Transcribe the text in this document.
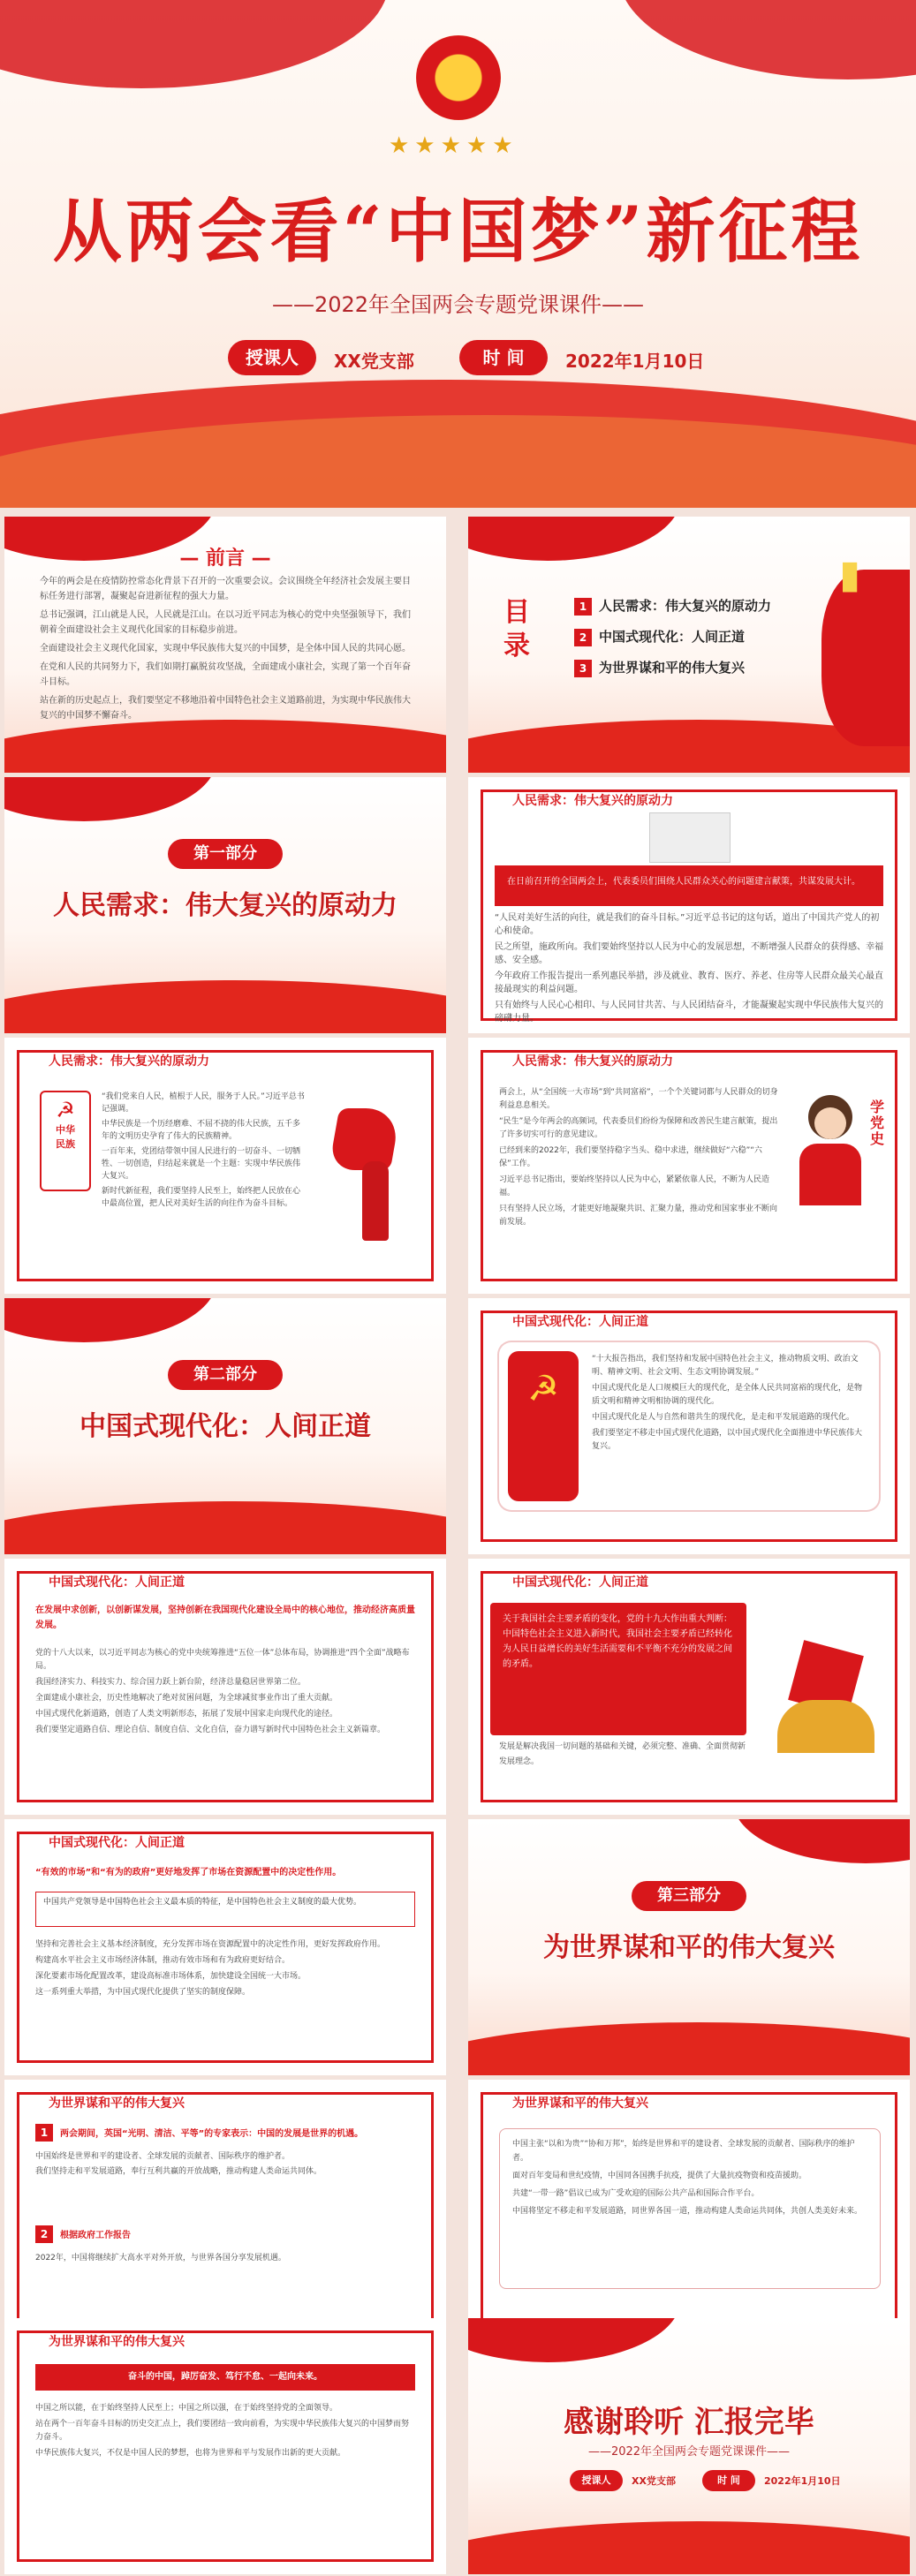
★★★★★
从两会看“中国梦”新征程
——2022年全国两会专题党课课件——
授课人	XX党支部	时 间	2022年1月10日
— 前言 —

今年的两会是在疫情防控常态化背景下召开的一次重要会议。会议围绕全年经济社会发展主要目标任务进行部署，凝聚起奋进新征程的强大力量。

总书记强调，江山就是人民，人民就是江山。在以习近平同志为核心的党中央坚强领导下，我们朝着全面建设社会主义现代化国家的目标稳步前进。

全面建设社会主义现代化国家，实现中华民族伟大复兴的中国梦，是全体中国人民的共同心愿。

在党和人民的共同努力下，我们如期打赢脱贫攻坚战，全面建成小康社会，实现了第一个百年奋斗目标。

站在新的历史起点上，我们要坚定不移地沿着中国特色社会主义道路前进，为实现中华民族伟大复兴的中国梦不懈奋斗。

▮
目录
1 人民需求：伟大复兴的原动力
2 中国式现代化：人间正道
3 为世界谋和平的伟大复兴
第一部分
人民需求：伟大复兴的原动力
人民需求：伟大复兴的原动力
在日前召开的全国两会上，代表委员们围绕人民群众关心的问题建言献策，共谋发展大计。

“人民对美好生活的向往，就是我们的奋斗目标。”习近平总书记的这句话，道出了中国共产党人的初心和使命。

民之所望，施政所向。我们要始终坚持以人民为中心的发展思想，不断增强人民群众的获得感、幸福感、安全感。

今年政府工作报告提出一系列惠民举措，涉及就业、教育、医疗、养老、住房等人民群众最关心最直接最现实的利益问题。

只有始终与人民心心相印、与人民同甘共苦、与人民团结奋斗，才能凝聚起实现中华民族伟大复兴的磅礴力量。

人民需求：伟大复兴的原动力
☭
中华
民族

“我们党来自人民，植根于人民，服务于人民。”习近平总书记强调。

中华民族是一个历经磨难、不屈不挠的伟大民族，五千多年的文明历史孕育了伟大的民族精神。

一百年来，党团结带领中国人民进行的一切奋斗、一切牺牲、一切创造，归结起来就是一个主题：实现中华民族伟大复兴。

新时代新征程，我们要坚持人民至上，始终把人民放在心中最高位置，把人民对美好生活的向往作为奋斗目标。

人民需求：伟大复兴的原动力

两会上，从“全国统一大市场”到“共同富裕”，一个个关键词都与人民群众的切身利益息息相关。

“民生”是今年两会的高频词，代表委员们纷纷为保障和改善民生建言献策，提出了许多切实可行的意见建议。

已经到来的2022年，我们要坚持稳字当头、稳中求进，继续做好“六稳”“六保”工作。

习近平总书记指出，要始终坚持以人民为中心，紧紧依靠人民，不断为人民造福。

只有坚持人民立场，才能更好地凝聚共识、汇聚力量，推动党和国家事业不断向前发展。

学党史
第二部分
中国式现代化：人间正道
中国式现代化：人间正道
☭

“十大报告指出，我们坚持和发展中国特色社会主义，推动物质文明、政治文明、精神文明、社会文明、生态文明协调发展。”

中国式现代化是人口规模巨大的现代化，是全体人民共同富裕的现代化，是物质文明和精神文明相协调的现代化。

中国式现代化是人与自然和谐共生的现代化，是走和平发展道路的现代化。

我们要坚定不移走中国式现代化道路，以中国式现代化全面推进中华民族伟大复兴。

中国式现代化：人间正道
在发展中求创新，以创新谋发展，坚持创新在我国现代化建设全局中的核心地位，推动经济高质量发展。

党的十八大以来，以习近平同志为核心的党中央统筹推进“五位一体”总体布局，协调推进“四个全面”战略布局。

我国经济实力、科技实力、综合国力跃上新台阶，经济总量稳居世界第二位。

全面建成小康社会，历史性地解决了绝对贫困问题，为全球减贫事业作出了重大贡献。

中国式现代化新道路，创造了人类文明新形态，拓展了发展中国家走向现代化的途径。

我们要坚定道路自信、理论自信、制度自信、文化自信，奋力谱写新时代中国特色社会主义新篇章。

中国式现代化：人间正道
关于我国社会主要矛盾的变化，党的十九大作出重大判断：中国特色社会主义进入新时代，我国社会主要矛盾已经转化为人民日益增长的美好生活需要和不平衡不充分的发展之间的矛盾。
发展是解决我国一切问题的基础和关键，必须完整、准确、全面贯彻新发展理念。
中国式现代化：人间正道
“有效的市场”和“有为的政府”更好地发挥了市场在资源配置中的决定性作用。
中国共产党领导是中国特色社会主义最本质的特征，是中国特色社会主义制度的最大优势。

坚持和完善社会主义基本经济制度，充分发挥市场在资源配置中的决定性作用，更好发挥政府作用。

构建高水平社会主义市场经济体制，推动有效市场和有为政府更好结合。

深化要素市场化配置改革，建设高标准市场体系，加快建设全国统一大市场。

这一系列重大举措，为中国式现代化提供了坚实的制度保障。

第三部分
为世界谋和平的伟大复兴
为世界谋和平的伟大复兴
1 两会期间，英国“光明、清洁、平等”的专家表示：中国的发展是世界的机遇。

中国始终是世界和平的建设者、全球发展的贡献者、国际秩序的维护者。

我们坚持走和平发展道路，奉行互利共赢的开放战略，推动构建人类命运共同体。

2 根据政府工作报告
2022年，中国将继续扩大高水平对外开放，与世界各国分享发展机遇。
为世界谋和平的伟大复兴

中国主张“以和为贵”“协和万邦”，始终是世界和平的建设者、全球发展的贡献者、国际秩序的维护者。

面对百年变局和世纪疫情，中国同各国携手抗疫，提供了大量抗疫物资和疫苗援助。

共建“一带一路”倡议已成为广受欢迎的国际公共产品和国际合作平台。

中国将坚定不移走和平发展道路，同世界各国一道，推动构建人类命运共同体，共创人类美好未来。

为世界谋和平的伟大复兴
奋斗的中国，踔厉奋发、笃行不怠、一起向未来。

中国之所以能，在于始终坚持人民至上；中国之所以强，在于始终坚持党的全面领导。

站在两个一百年奋斗目标的历史交汇点上，我们要团结一致向前看，为实现中华民族伟大复兴的中国梦而努力奋斗。

中华民族伟大复兴，不仅是中国人民的梦想，也将为世界和平与发展作出新的更大贡献。

感谢聆听 汇报完毕
——2022年全国两会专题党课课件——
授课人	XX党支部	时 间	2022年1月10日
